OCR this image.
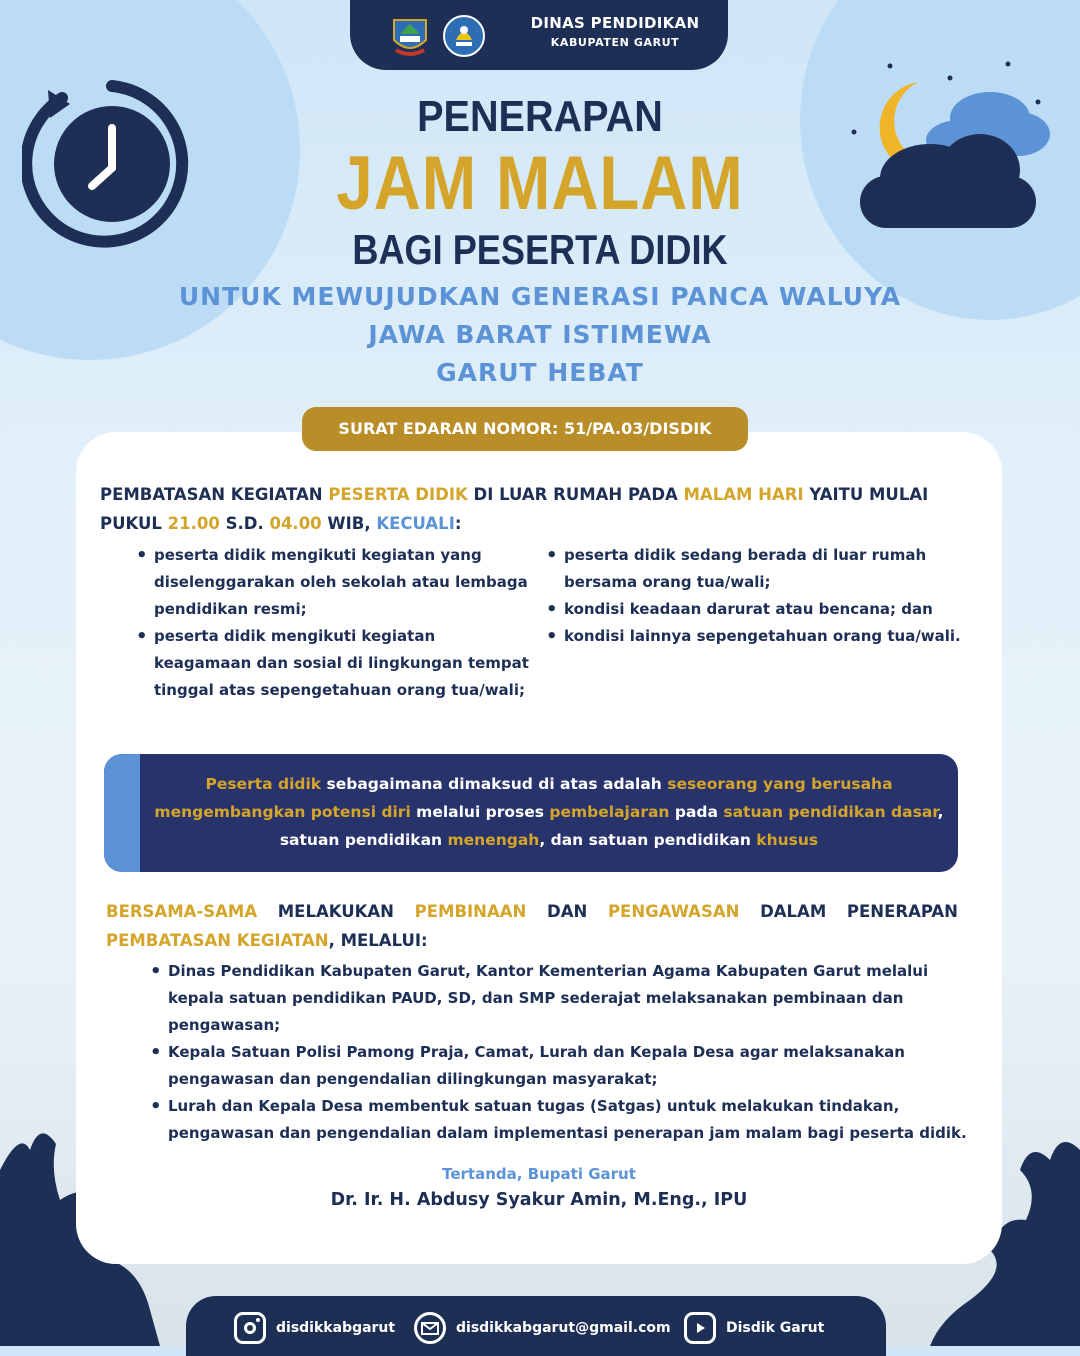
DINAS PENDIDIKAN
KABUPATEN GARUT
PENERAPAN
JAM MALAM
BAGI PESERTA DIDIK
UNTUK MEWUJUDKAN GENERASI PANCA WALUYA
JAWA BARAT ISTIMEWA
GARUT HEBAT
SURAT EDARAN NOMOR: 51/PA.03/DISDIK
PEMBATASAN KEGIATAN PESERTA DIDIK DI LUAR RUMAH PADA MALAM HARI YAITU MULAI PUKUL 21.00 S.D. 04.00 WIB, KECUALI:
• peserta didik mengikuti kegiatan yang diselenggarakan oleh sekolah atau lembaga pendidikan resmi;
• peserta didik mengikuti kegiatan keagamaan dan sosial di lingkungan tempat tinggal atas sepengetahuan orang tua/wali;
• peserta didik sedang berada di luar rumah bersama orang tua/wali;
• kondisi keadaan darurat atau bencana; dan
• kondisi lainnya sepengetahuan orang tua/wali.
Peserta didik sebagaimana dimaksud di atas adalah seseorang yang berusaha mengembangkan potensi diri melalui proses pembelajaran pada satuan pendidikan dasar, satuan pendidikan menengah, dan satuan pendidikan khusus
BERSAMA-SAMA MELAKUKAN PEMBINAAN DAN PENGAWASAN DALAM PENERAPAN
PEMBATASAN KEGIATAN, MELALUI:
• Dinas Pendidikan Kabupaten Garut, Kantor Kementerian Agama Kabupaten Garut melalui kepala satuan pendidikan PAUD, SD, dan SMP sederajat melaksanakan pembinaan dan pengawasan;
• Kepala Satuan Polisi Pamong Praja, Camat, Lurah dan Kepala Desa agar melaksanakan pengawasan dan pengendalian dilingkungan masyarakat;
• Lurah dan Kepala Desa membentuk satuan tugas (Satgas) untuk melakukan tindakan, pengawasan dan pengendalian dalam implementasi penerapan jam malam bagi peserta didik.
Tertanda, Bupati Garut
Dr. Ir. H. Abdusy Syakur Amin, M.Eng., IPU
disdikkabgarut	disdikkabgarut@gmail.com	Disdik Garut
